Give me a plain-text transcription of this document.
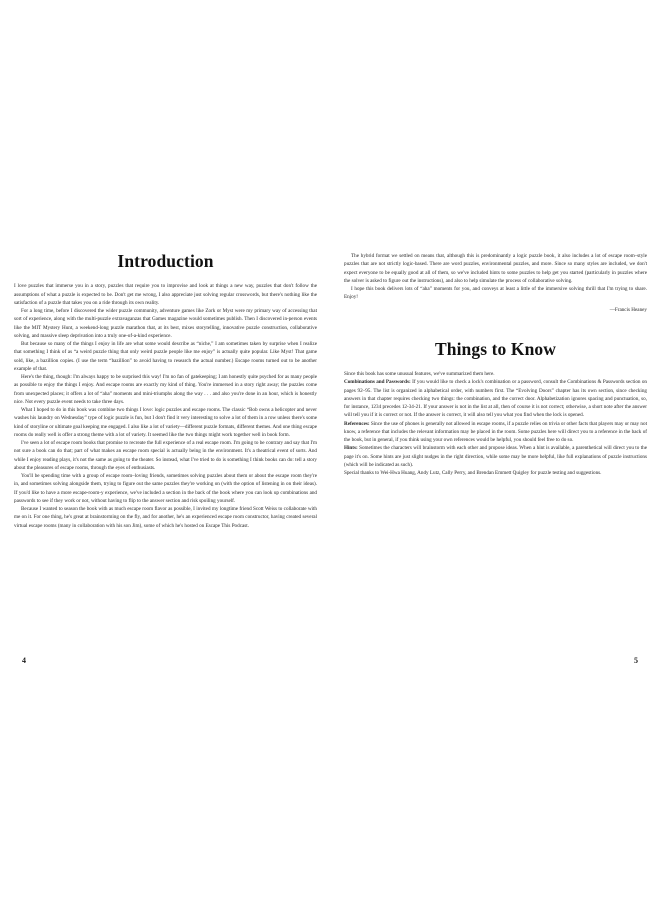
Introduction

I love puzzles that immerse you in a story, puzzles that require you to improvise and look at things a new way, puzzles that don't follow the assumptions of what a puzzle is expected to be. Don't get me wrong, I also appreciate just solving regular crosswords, but there's nothing like the satisfaction of a puzzle that takes you on a ride through its own reality.

For a long time, before I discovered the wider puzzle community, adventure games like Zork or Myst were my primary way of accessing that sort of experience, along with the multi-puzzle extravaganzas that Games magazine would sometimes publish. Then I discovered in-person events like the MIT Mystery Hunt, a weekend-long puzzle marathon that, at its best, mixes storytelling, innovative puzzle construction, collaborative solving, and massive sleep deprivation into a truly one-of-a-kind experience.

But because so many of the things I enjoy in life are what some would describe as “niche,” I am sometimes taken by surprise when I realize that something I think of as “a weird puzzle thing that only weird puzzle people like me enjoy” is actually quite popular. Like Myst! That game sold, like, a bazillion copies. (I use the term “bazillion” to avoid having to research the actual number.) Escape rooms turned out to be another example of that.

Here's the thing, though: I'm always happy to be surprised this way! I'm no fan of gatekeeping; I am honestly quite psyched for as many people as possible to enjoy the things I enjoy. And escape rooms are exactly my kind of thing. You're immersed in a story right away; the puzzles come from unexpected places; it offers a lot of “aha” moments and mini-triumphs along the way . . . and also you're done in an hour, which is honestly nice. Not every puzzle event needs to take three days.

What I hoped to do in this book was combine two things I love: logic puzzles and escape rooms. The classic “Bob owns a helicopter and never washes his laundry on Wednesday” type of logic puzzle is fun, but I don't find it very interesting to solve a lot of them in a row unless there's some kind of storyline or ultimate goal keeping me engaged. I also like a lot of variety—different puzzle formats, different themes. And one thing escape rooms do really well is offer a strong theme with a lot of variety. It seemed like the two things might work together well in book form.

I've seen a lot of escape room books that promise to recreate the full experience of a real escape room. I'm going to be contrary and say that I'm not sure a book can do that; part of what makes an escape room special is actually being in the environment. It's a theatrical event of sorts. And while I enjoy reading plays, it's not the same as going to the theater. So instead, what I've tried to do is something I think books can do: tell a story about the pleasures of escape rooms, through the eyes of enthusiasts.

You'll be spending time with a group of escape room–loving friends, sometimes solving puzzles about them or about the escape room they're in, and sometimes solving alongside them, trying to figure out the same puzzles they're working on (with the option of listening in on their ideas). If you'd like to have a more escape-room-y experience, we've included a section in the back of the book where you can look up combinations and passwords to see if they work or not, without having to flip to the answer section and risk spoiling yourself.

Because I wanted to season the book with as much escape room flavor as possible, I invited my longtime friend Scott Weiss to collaborate with me on it. For one thing, he's great at brainstorming on the fly, and for another, he's an experienced escape room constructor, having created several virtual escape rooms (many in collaboration with his son Jim), some of which he's hosted on Escape This Podcast.

4

The hybrid format we settled on means that, although this is predominantly a logic puzzle book, it also includes a lot of escape room–style puzzles that are not strictly logic-based. There are word puzzles, environmental puzzles, and more. Since so many styles are included, we don't expect everyone to be equally good at all of them, so we've included hints to some puzzles to help get you started (particularly in puzzles where the solver is asked to figure out the instructions), and also to help simulate the process of collaborative solving.

I hope this book delivers lots of “aha” moments for you, and conveys at least a little of the immersive solving thrill that I'm trying to share. Enjoy!

—Francis Heaney

Things to Know

Since this book has some unusual features, we've summarized them here.

Combinations and Passwords: If you would like to check a lock's combination or a password, consult the Combinations & Passwords section on pages 92–95. The list is organized in alphabetical order, with numbers first. The “Evolving Doors” chapter has its own section, since checking answers in that chapter requires checking two things: the combination, and the correct door. Alphabetization ignores spacing and punctuation, so, for instance, 1234 precedes 12-34-21. If your answer is not in the list at all, then of course it is not correct; otherwise, a short note after the answer will tell you if it is correct or not. If the answer is correct, it will also tell you what you find when the lock is opened.

References: Since the use of phones is generally not allowed in escape rooms, if a puzzle relies on trivia or other facts that players may or may not know, a reference that includes the relevant information may be placed in the room. Some puzzles here will direct you to a reference in the back of the book, but in general, if you think using your own references would be helpful, you should feel free to do so.

Hints: Sometimes the characters will brainstorm with each other and propose ideas. When a hint is available, a parenthetical will direct you to the page it's on. Some hints are just slight nudges in the right direction, while some may be more helpful, like full explanations of puzzle instructions (which will be indicated as such).

Special thanks to Wei-Hwa Huang, Andy Lutz, Cally Perry, and Brendan Emmett Quigley for puzzle testing and suggestions.

5
